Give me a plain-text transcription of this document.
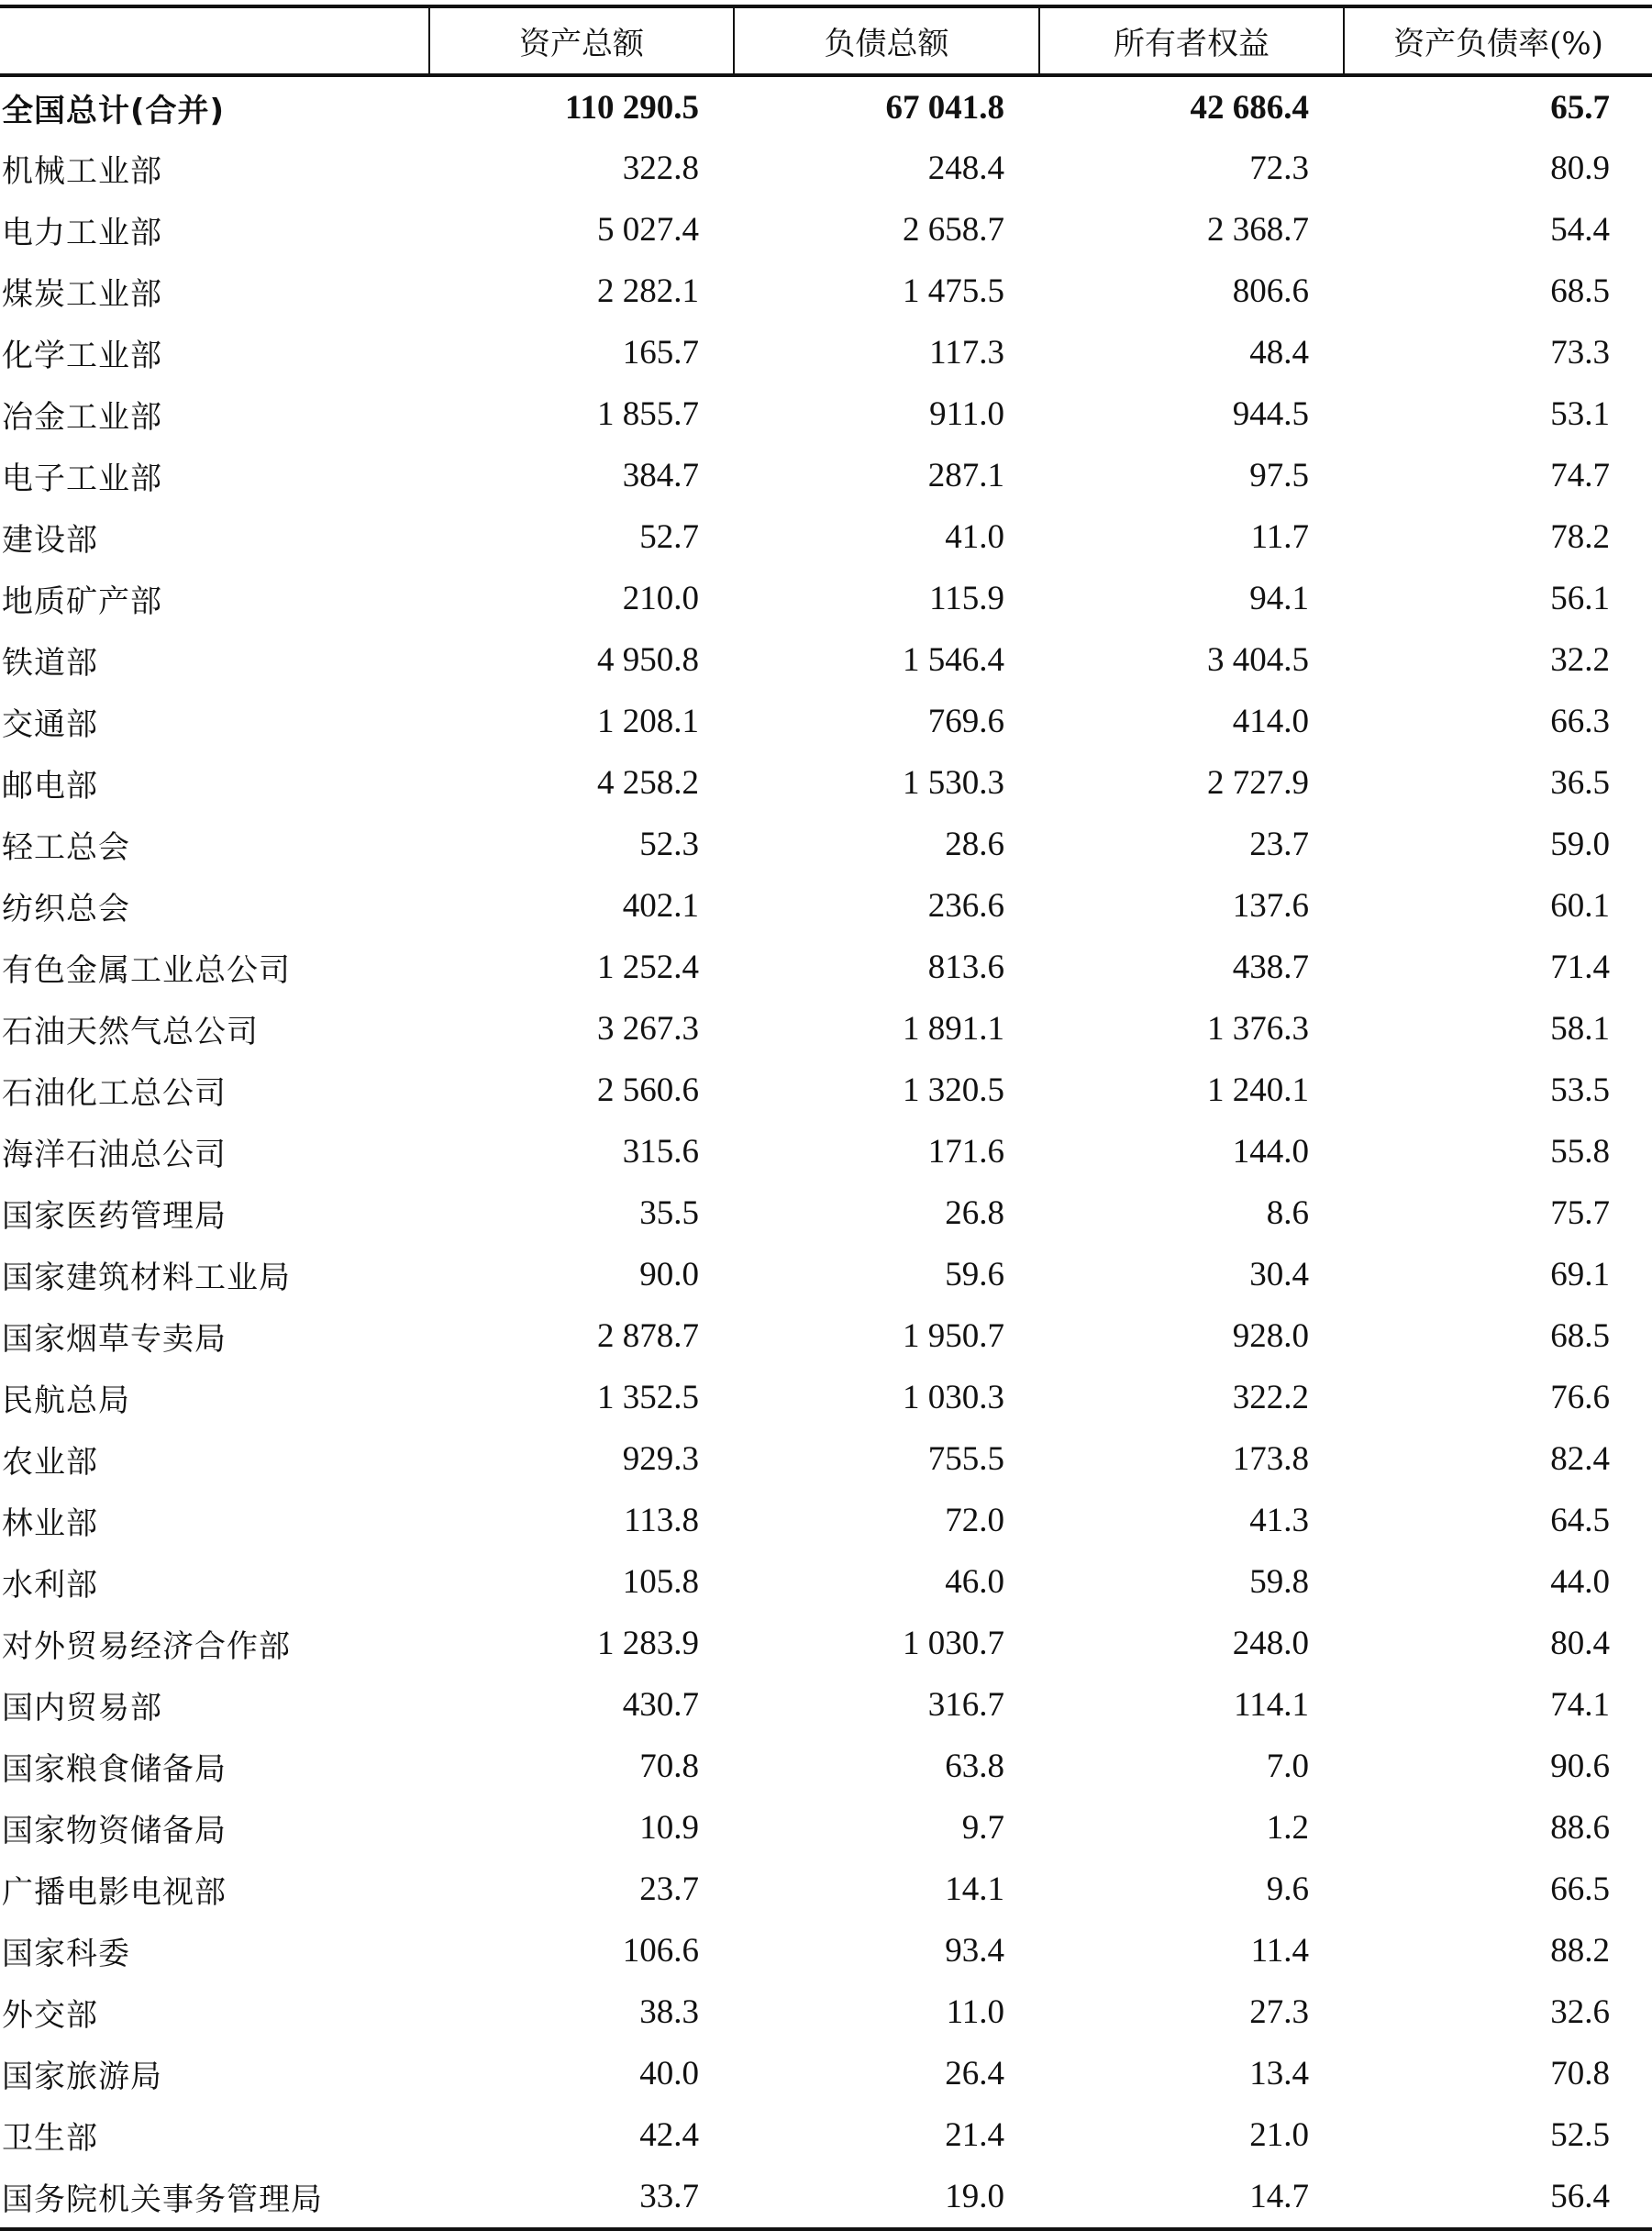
	资产总额	负债总额	所有者权益	资产负债率(%)
全国总计(合并)	110 290.5	67 041.8	42 686.4	65.7
机械工业部	322.8	248.4	72.3	80.9
电力工业部	5 027.4	2 658.7	2 368.7	54.4
煤炭工业部	2 282.1	1 475.5	806.6	68.5
化学工业部	165.7	117.3	48.4	73.3
冶金工业部	1 855.7	911.0	944.5	53.1
电子工业部	384.7	287.1	97.5	74.7
建设部	52.7	41.0	11.7	78.2
地质矿产部	210.0	115.9	94.1	56.1
铁道部	4 950.8	1 546.4	3 404.5	32.2
交通部	1 208.1	769.6	414.0	66.3
邮电部	4 258.2	1 530.3	2 727.9	36.5
轻工总会	52.3	28.6	23.7	59.0
纺织总会	402.1	236.6	137.6	60.1
有色金属工业总公司	1 252.4	813.6	438.7	71.4
石油天然气总公司	3 267.3	1 891.1	1 376.3	58.1
石油化工总公司	2 560.6	1 320.5	1 240.1	53.5
海洋石油总公司	315.6	171.6	144.0	55.8
国家医药管理局	35.5	26.8	8.6	75.7
国家建筑材料工业局	90.0	59.6	30.4	69.1
国家烟草专卖局	2 878.7	1 950.7	928.0	68.5
民航总局	1 352.5	1 030.3	322.2	76.6
农业部	929.3	755.5	173.8	82.4
林业部	113.8	72.0	41.3	64.5
水利部	105.8	46.0	59.8	44.0
对外贸易经济合作部	1 283.9	1 030.7	248.0	80.4
国内贸易部	430.7	316.7	114.1	74.1
国家粮食储备局	70.8	63.8	7.0	90.6
国家物资储备局	10.9	9.7	1.2	88.6
广播电影电视部	23.7	14.1	9.6	66.5
国家科委	106.6	93.4	11.4	88.2
外交部	38.3	11.0	27.3	32.6
国家旅游局	40.0	26.4	13.4	70.8
卫生部	42.4	21.4	21.0	52.5
国务院机关事务管理局	33.7	19.0	14.7	56.4
